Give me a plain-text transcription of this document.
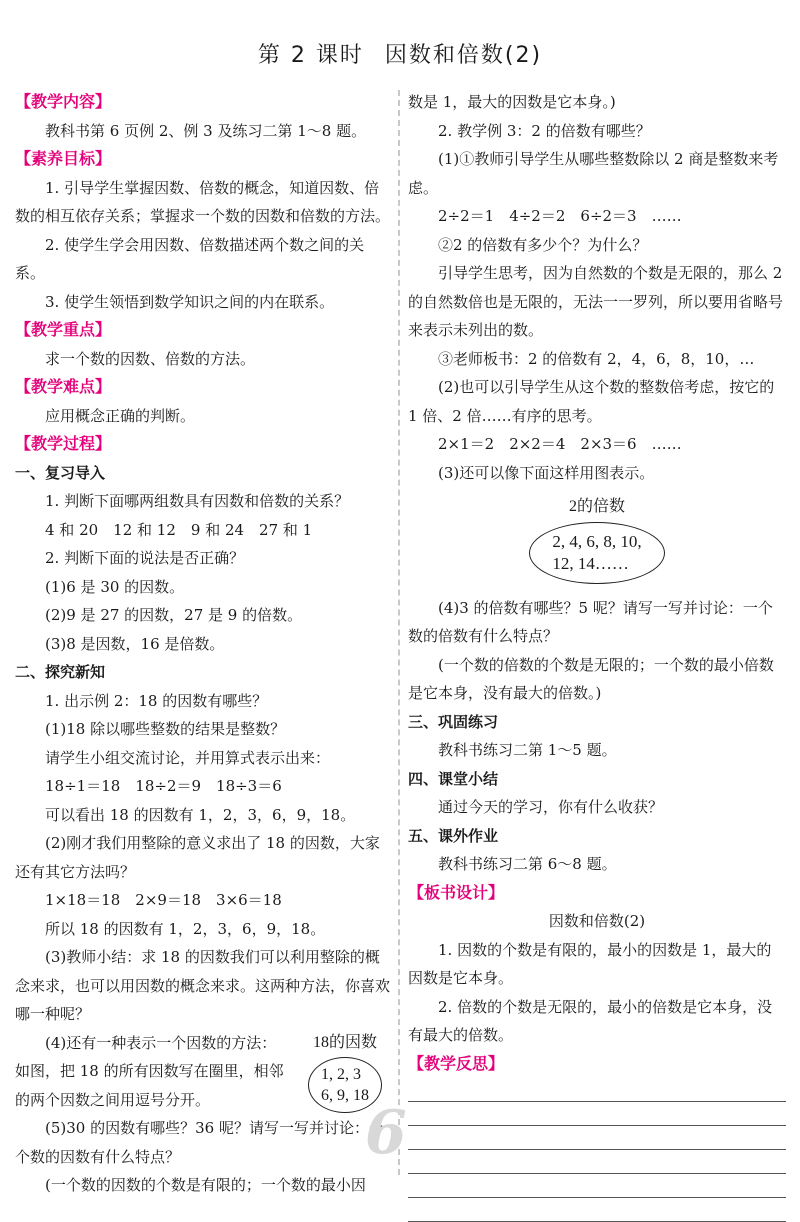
第 2 课时 因数和倍数(2)

【教学内容】

教科书第 6 页例 2、例 3 及练习二第 1～8 题。

【素养目标】

1. 引导学生掌握因数、倍数的概念，知道因数、倍数的相互依存关系；掌握求一个数的因数和倍数的方法。

2. 使学生学会用因数、倍数描述两个数之间的关系。

3. 使学生领悟到数学知识之间的内在联系。

【教学重点】

求一个数的因数、倍数的方法。

【教学难点】

应用概念正确的判断。

【教学过程】

一、复习导入

1. 判断下面哪两组数具有因数和倍数的关系？

4 和 20　12 和 12　9 和 24　27 和 1

2. 判断下面的说法是否正确？

(1)6 是 30 的因数。

(2)9 是 27 的因数，27 是 9 的倍数。

(3)8 是因数，16 是倍数。

二、探究新知

1. 出示例 2：18 的因数有哪些？

(1)18 除以哪些整数的结果是整数？

请学生小组交流讨论，并用算式表示出来：

18÷1＝18　18÷2＝9　18÷3＝6

可以看出 18 的因数有 1，2，3，6，9，18。

(2)刚才我们用整除的意义求出了 18 的因数，大家还有其它方法吗？

1×18＝18　2×9＝18　3×6＝18

所以 18 的因数有 1，2，3，6，9，18。

(3)教师小结：求 18 的因数我们可以利用整除的概念来求，也可以用因数的概念来求。这两种方法，你喜欢哪一种呢？

(4)还有一种表示一个因数的方法：如图，把 18 的所有因数写在圈里，相邻的两个因数之间用逗号分开。

18的因数
1, 2, 3
6, 9, 18

(5)30 的因数有哪些？36 呢？请写一写并讨论：一个数的因数有什么特点？

(一个数的因数的个数是有限的；一个数的最小因

数是 1，最大的因数是它本身。)

2. 教学例 3：2 的倍数有哪些？

(1)①教师引导学生从哪些整数除以 2 商是整数来考虑。

2÷2＝1　4÷2＝2　6÷2＝3　……

②2 的倍数有多少个？为什么？

引导学生思考，因为自然数的个数是无限的，那么 2 的自然数倍也是无限的，无法一一罗列，所以要用省略号来表示未列出的数。

③老师板书：2 的倍数有 2，4，6，8，10，…

(2)也可以引导学生从这个数的整数倍考虑，按它的 1 倍、2 倍……有序的思考。

2×1＝2　2×2＝4　2×3＝6　……

(3)还可以像下面这样用图表示。

2的倍数
2, 4, 6, 8, 10,
12, 14……

(4)3 的倍数有哪些？5 呢？请写一写并讨论：一个数的倍数有什么特点？

(一个数的倍数的个数是无限的；一个数的最小倍数是它本身，没有最大的倍数。)

三、巩固练习

教科书练习二第 1～5 题。

四、课堂小结

通过今天的学习，你有什么收获？

五、课外作业

教科书练习二第 6～8 题。

【板书设计】

因数和倍数(2)

1. 因数的个数是有限的，最小的因数是 1，最大的因数是它本身。

2. 倍数的个数是无限的，最小的倍数是它本身，没有最大的倍数。

【教学反思】

6
